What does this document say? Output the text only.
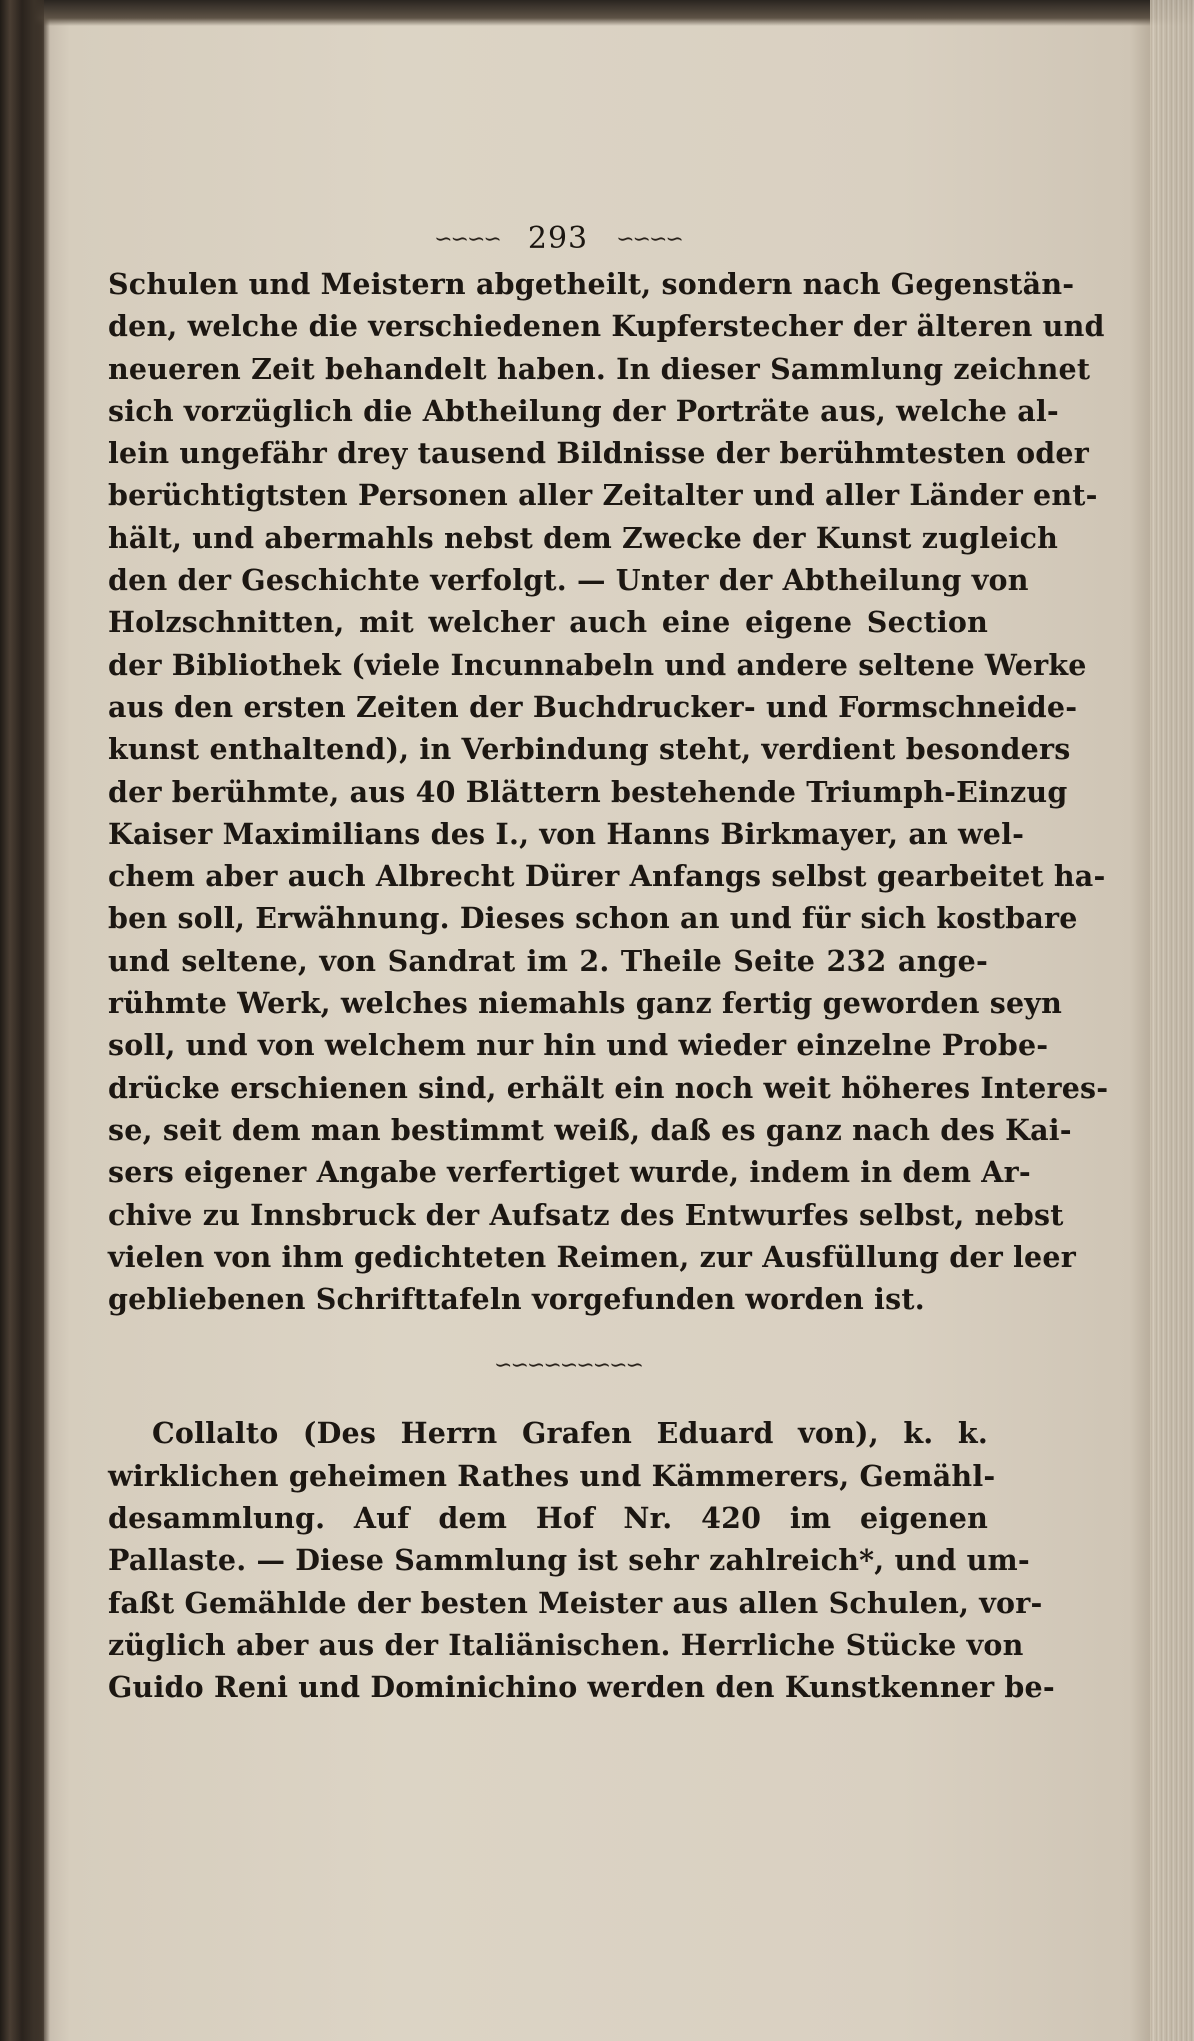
∽∽∽∽ 293 ∽∽∽∽
Schulen und Meistern abgetheilt, sondern nach Gegenstän-
den, welche die verschiedenen Kupferstecher der älteren und
neueren Zeit behandelt haben. In dieser Sammlung zeichnet
sich vorzüglich die Abtheilung der Porträte aus, welche al-
lein ungefähr drey tausend Bildnisse der berühmtesten oder
berüchtigtsten Personen aller Zeitalter und aller Länder ent-
hält, und abermahls nebst dem Zwecke der Kunst zugleich
den der Geschichte verfolgt. — Unter der Abtheilung von
Holzschnitten, mit welcher auch eine eigene Section
der Bibliothek (viele Incunnabeln und andere seltene Werke
aus den ersten Zeiten der Buchdrucker- und Formschneide-
kunst enthaltend), in Verbindung steht, verdient besonders
der berühmte, aus 40 Blättern bestehende Triumph-Einzug
Kaiser Maximilians des I., von Hanns Birkmayer, an wel-
chem aber auch Albrecht Dürer Anfangs selbst gearbeitet ha-
ben soll, Erwähnung. Dieses schon an und für sich kostbare
und seltene, von Sandrat im 2. Theile Seite 232 ange-
rühmte Werk, welches niemahls ganz fertig geworden seyn
soll, und von welchem nur hin und wieder einzelne Probe-
drücke erschienen sind, erhält ein noch weit höheres Interes-
se, seit dem man bestimmt weiß, daß es ganz nach des Kai-
sers eigener Angabe verfertiget wurde, indem in dem Ar-
chive zu Innsbruck der Aufsatz des Entwurfes selbst, nebst
vielen von ihm gedichteten Reimen, zur Ausfüllung der leer
gebliebenen Schrifttafeln vorgefunden worden ist.
∽∽∽∽∽∽∽∽∽
Collalto (Des Herrn Grafen Eduard von), k. k.
wirklichen geheimen Rathes und Kämmerers, Gemähl-
desammlung. Auf dem Hof Nr. 420 im eigenen
Pallaste. — Diese Sammlung ist sehr zahlreich*, und um-
faßt Gemählde der besten Meister aus allen Schulen, vor-
züglich aber aus der Italiänischen. Herrliche Stücke von
Guido Reni und Dominichino werden den Kunstkenner be-
